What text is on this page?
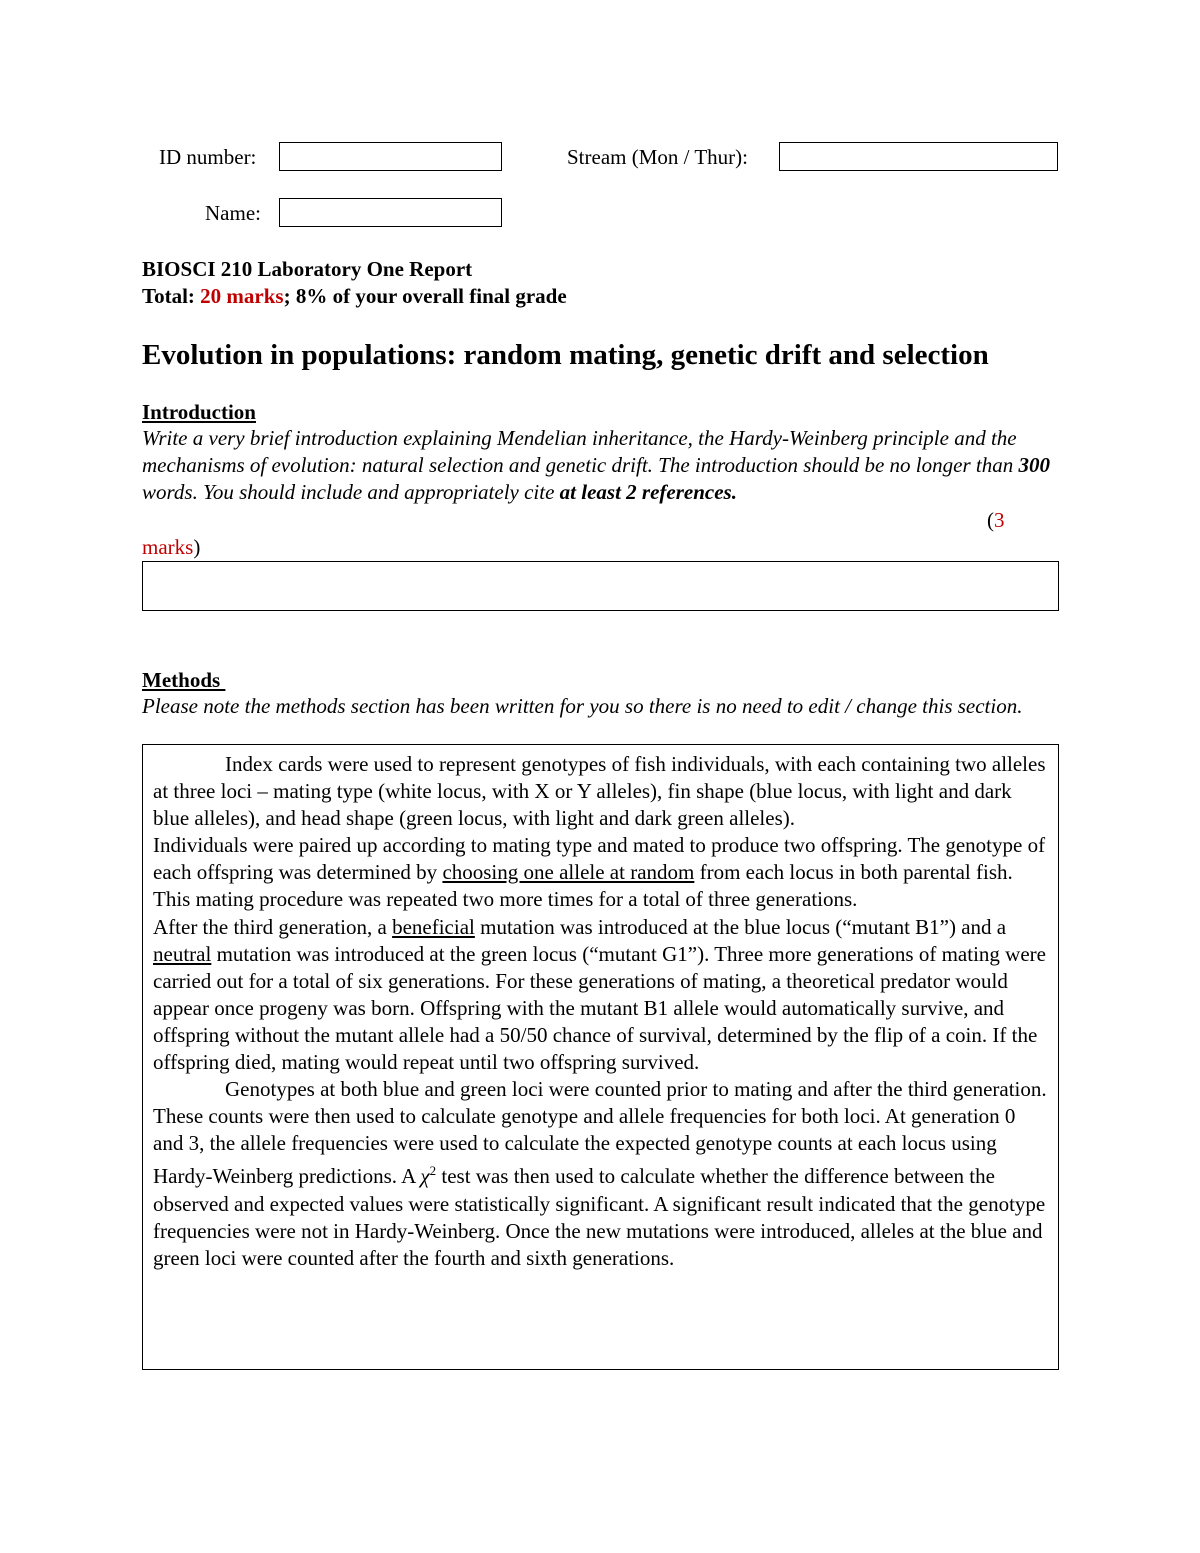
ID number:	Stream (Mon / Thur):
Name:
BIOSCI 210 Laboratory One Report
Total: 20 marks; 8% of your overall final grade
Evolution in populations: random mating, genetic drift and selection
Introduction
Write a very brief introduction explaining Mendelian inheritance, the Hardy-Weinberg principle and the mechanisms of evolution: natural selection and genetic drift. The introduction should be no longer than 300 words. You should include and appropriately cite at least 2 references.
(3
marks)
Methods
Please note the methods section has been written for you so there is no need to edit / change this section.

Index cards were used to represent genotypes of fish individuals, with each containing two alleles at three loci – mating type (white locus, with X or Y alleles), fin shape (blue locus, with light and dark blue alleles), and head shape (green locus, with light and dark green alleles).

Individuals were paired up according to mating type and mated to produce two offspring. The genotype of each offspring was determined by choosing one allele at random from each locus in both parental fish. This mating procedure was repeated two more times for a total of three generations.

After the third generation, a beneficial mutation was introduced at the blue locus (“mutant B1”) and a neutral mutation was introduced at the green locus (“mutant G1”). Three more generations of mating were carried out for a total of six generations. For these generations of mating, a theoretical predator would appear once progeny was born. Offspring with the mutant B1 allele would automatically survive, and offspring without the mutant allele had a 50/50 chance of survival, determined by the flip of a coin. If the offspring died, mating would repeat until two offspring survived.

Genotypes at both blue and green loci were counted prior to mating and after the third generation. These counts were then used to calculate genotype and allele frequencies for both loci. At generation 0 and 3, the allele frequencies were used to calculate the expected genotype counts at each locus using Hardy-Weinberg predictions. A $\chi^2$ test was then used to calculate whether the difference between the observed and expected values were statistically significant. A significant result indicated that the genotype frequencies were not in Hardy-Weinberg. Once the new mutations were introduced, alleles at the blue and green loci were counted after the fourth and sixth generations.
